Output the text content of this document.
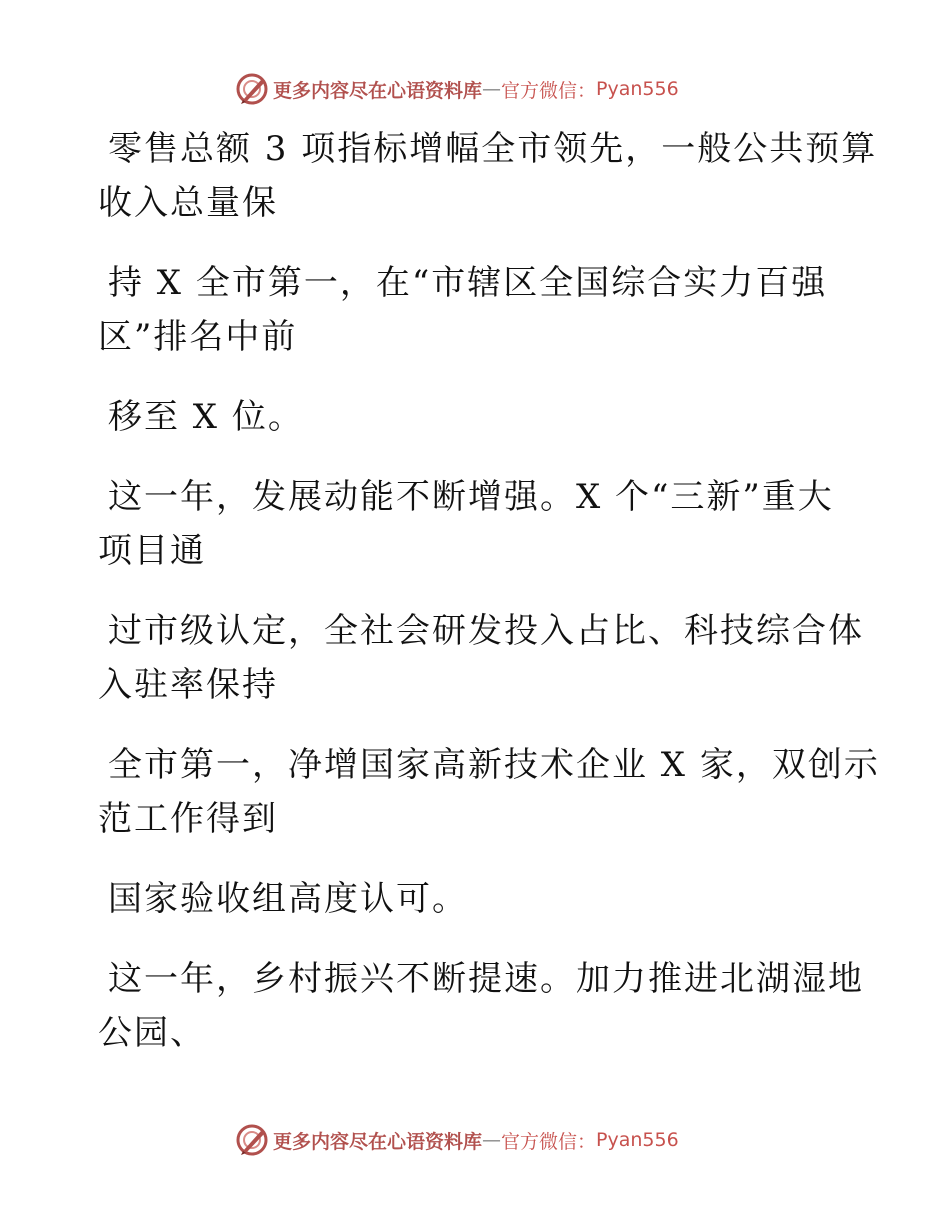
更多内容尽在心语资料库 — 官方微信： Pyan556

零售总额 3 项指标增幅全市领先，一般公共预算
收入总量保

持 X 全市第一，在“市辖区全国综合实力百强
区”排名中前

移至 X 位。

这一年，发展动能不断增强。X 个“三新”重大
项目通

过市级认定，全社会研发投入占比、科技综合体
入驻率保持

全市第一，净增国家高新技术企业 X 家，双创示
范工作得到

国家验收组高度认可。

这一年，乡村振兴不断提速。加力推进北湖湿地
公园、

更多内容尽在心语资料库 — 官方微信： Pyan556
